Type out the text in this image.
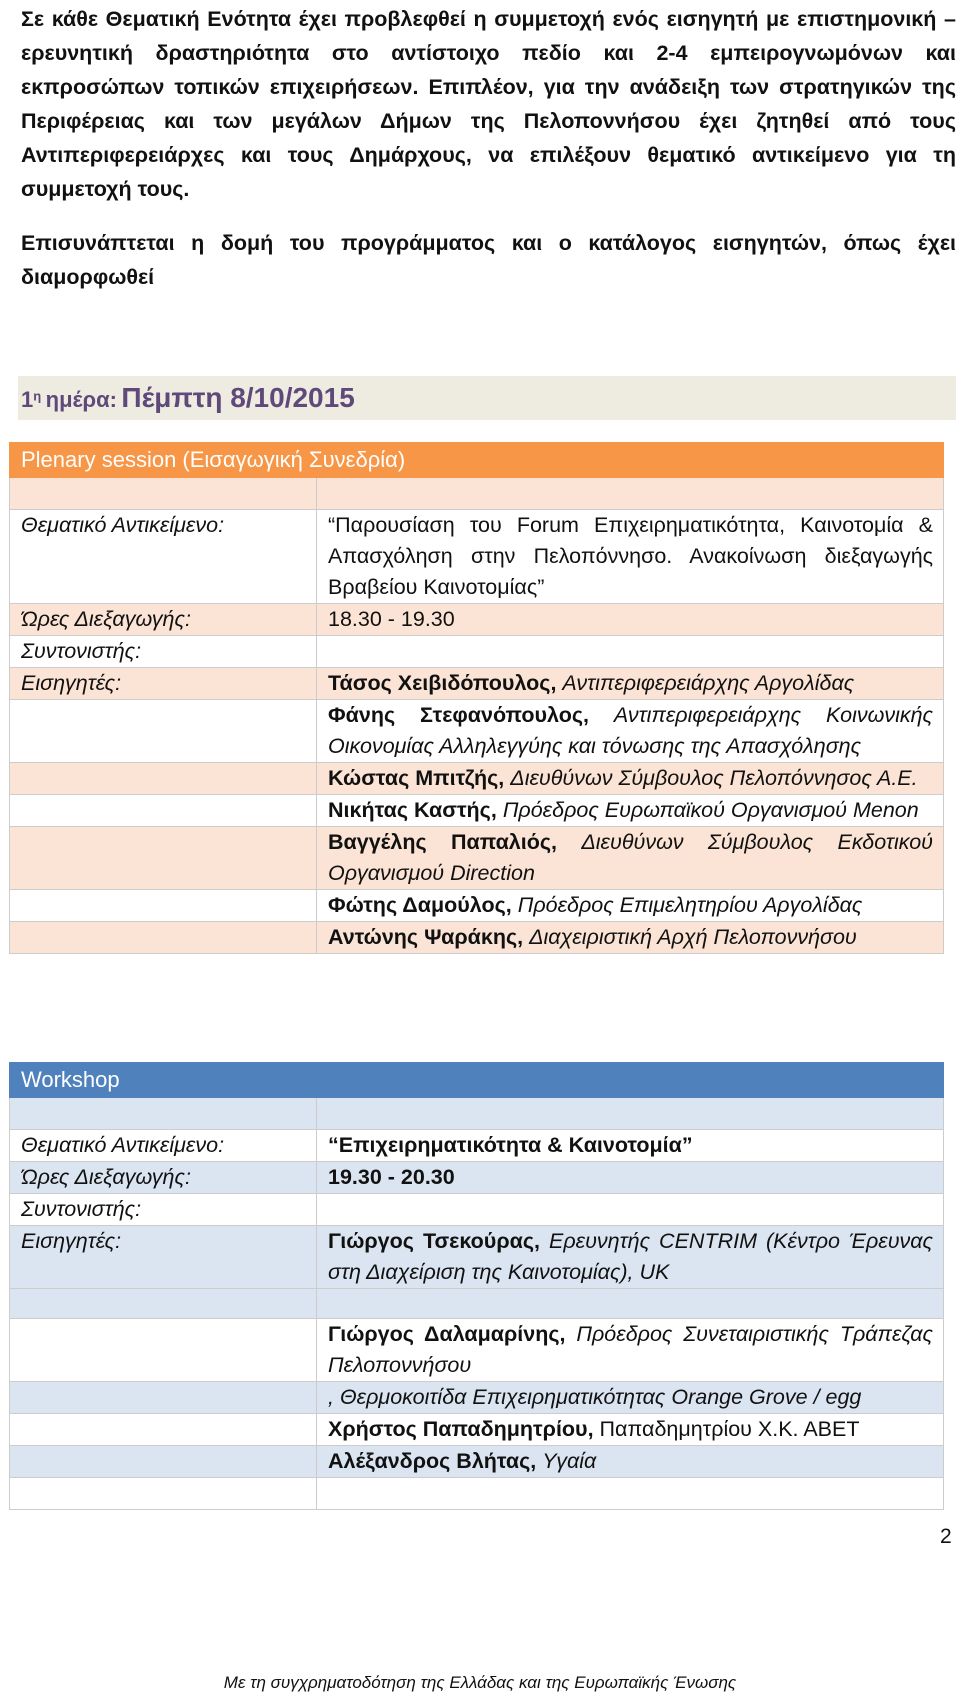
Σε κάθε Θεματική Ενότητα έχει προβλεφθεί η συμμετοχή ενός εισηγητή με επιστημονική –ερευνητική δραστηριότητα στο αντίστοιχο πεδίο και 2-4 εμπειρογνωμόνων και εκπροσώπων τοπικών επιχειρήσεων. Επιπλέον, για την ανάδειξη των στρατηγικών της Περιφέρειας και των μεγάλων Δήμων της Πελοποννήσου έχει ζητηθεί από τους Αντιπεριφερειάρχες και τους Δημάρχους, να επιλέξουν θεματικό αντικείμενο για τη συμμετοχή τους.

Επισυνάπτεται η δομή του προγράμματος και ο κατάλογος εισηγητών, όπως έχει διαμορφωθεί

$1^\eta$ ημέρα: Πέμπτη 8/10/2015
Plenary session (Εισαγωγική Συνεδρία)	

Θεματικό Αντικείμενο:	“Παρουσίαση του Forum Επιχειρηματικότητα, Καινοτομία & Απασχόληση στην Πελοπόννησο. Ανακοίνωση διεξαγωγής Βραβείου Καινοτομίας”
Ώρες Διεξαγωγής:	18.30 - 19.30
Συντονιστής:	
Εισηγητές:	Τάσος Χειβιδόπουλος, Αντιπεριφερειάρχης Αργολίδας
	Φάνης Στεφανόπουλος, Αντιπεριφερειάρχης Κοινωνικής Οικονομίας Αλληλεγγύης και τόνωσης της Απασχόλησης
	Κώστας Μπιτζής, Διευθύνων Σύμβουλος Πελοπόννησος Α.Ε.
	Νικήτας Καστής, Πρόεδρος Ευρωπαϊκού Οργανισμού Menon
	Βαγγέλης Παπαλιός, Διευθύνων Σύμβουλος Εκδοτικού Οργανισμού Direction
	Φώτης Δαμούλος, Πρόεδρος Επιμελητηρίου Αργολίδας
	Αντώνης Ψαράκης, Διαχειριστική Αρχή Πελοποννήσου
Workshop	

Θεματικό Αντικείμενο:	“Επιχειρηματικότητα & Καινοτομία”
Ώρες Διεξαγωγής:	19.30 - 20.30
Συντονιστής:	
Εισηγητές:	Γιώργος Τσεκούρας, Ερευνητής CENTRIM (Κέντρο Έρευνας στη Διαχείριση της Καινοτομίας), UK

	Γιώργος Δαλαμαρίνης, Πρόεδρος Συνεταιριστικής Τράπεζας Πελοποννήσου
	, Θερμοκοιτίδα Επιχειρηματικότητας Orange Grove / egg
	Χρήστος Παπαδημητρίου, Παπαδημητρίου Χ.Κ. ΑΒΕΤ
	Αλέξανδρος Βλήτας, Υγαία

2
Με τη συγχρηματοδότηση της Ελλάδας και της Ευρωπαϊκής Ένωσης
